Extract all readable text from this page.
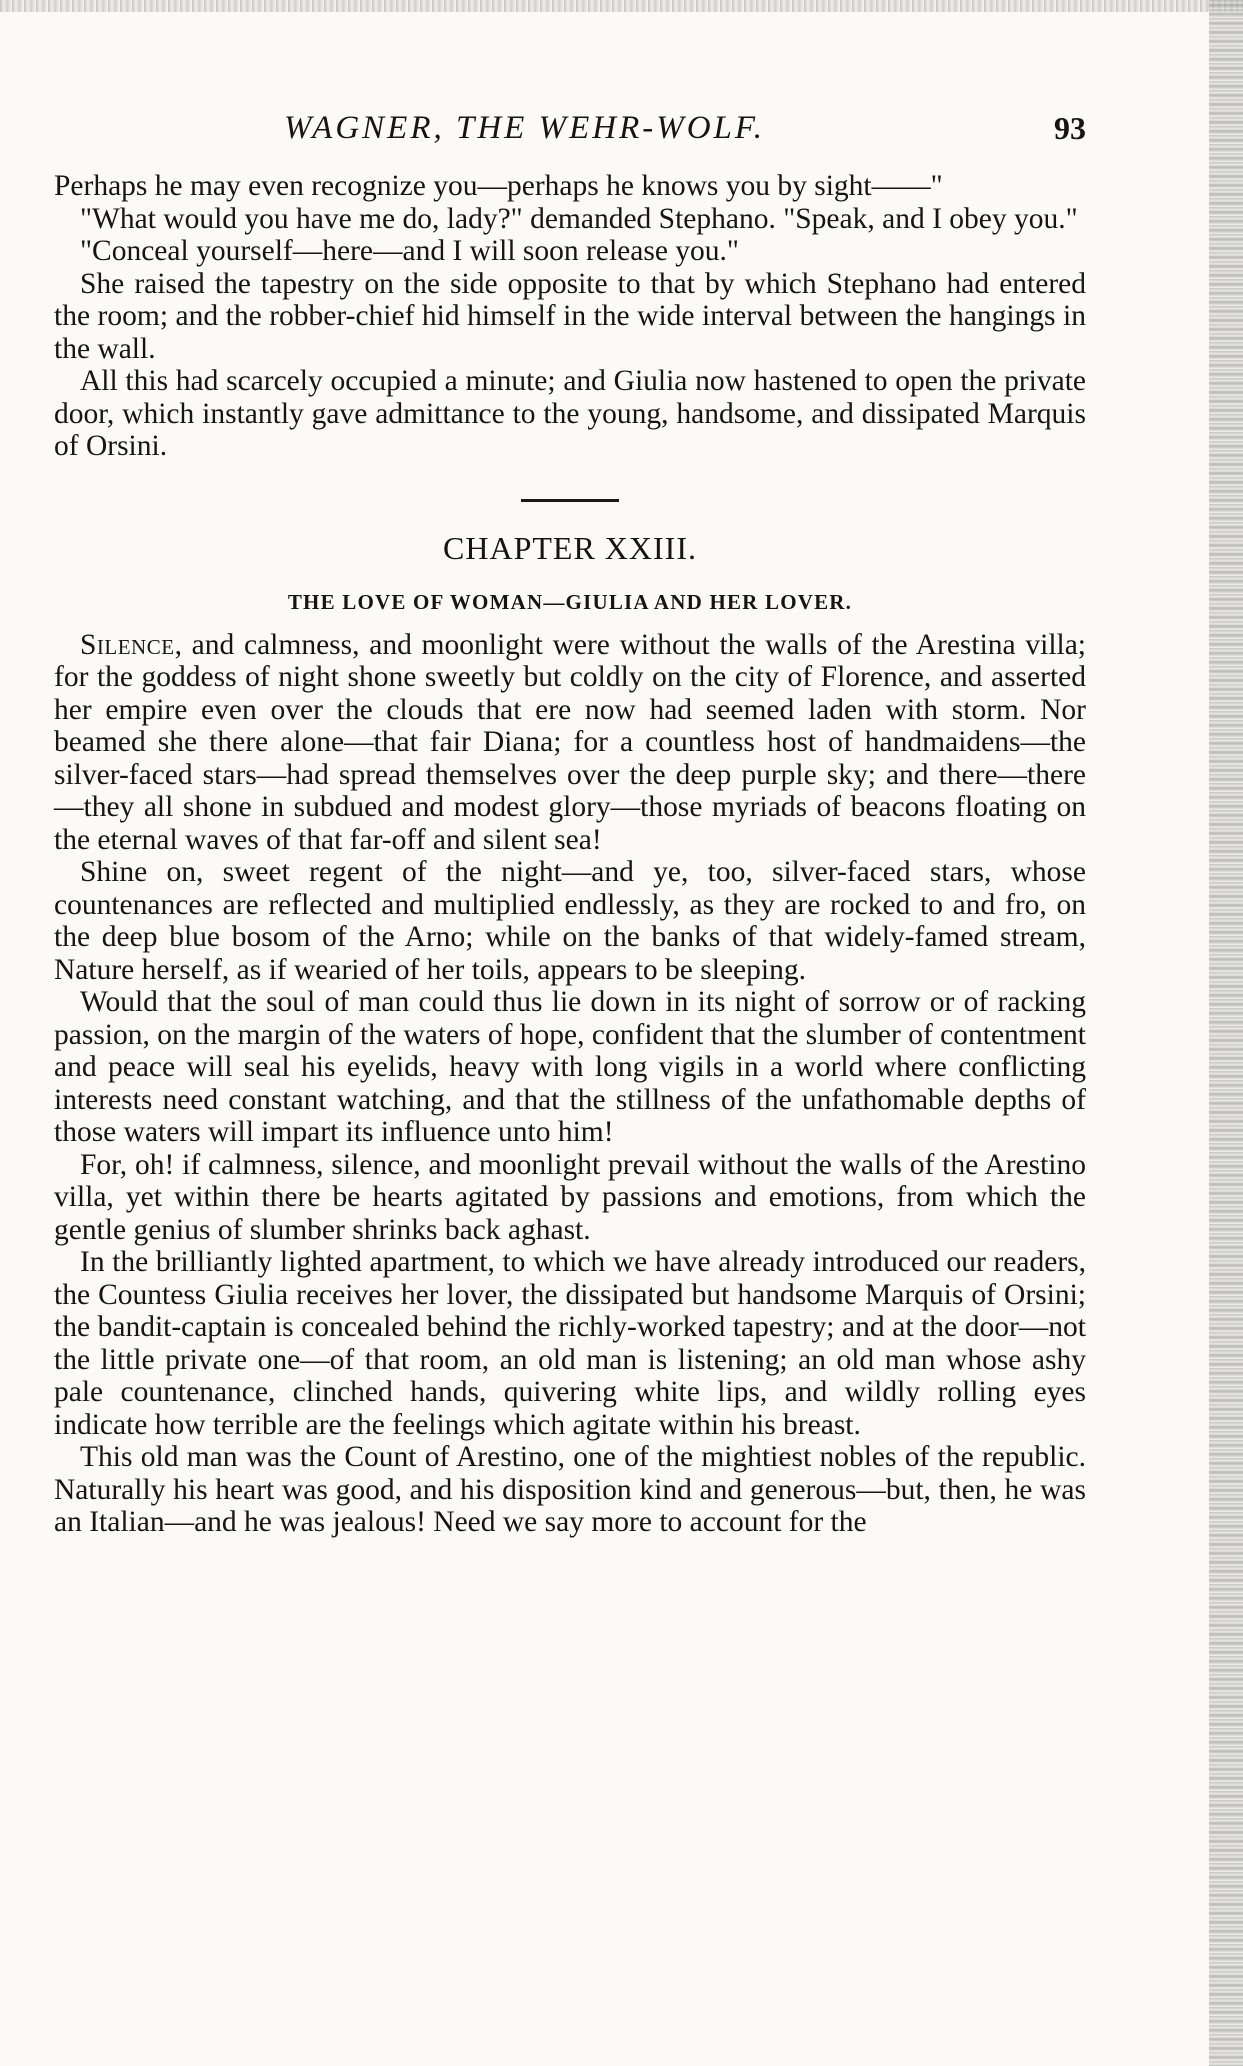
WAGNER, THE WEHR-WOLF.	93

Perhaps he may even recognize you—perhaps he knows you by sight——"

"What would you have me do, lady?" demanded Stephano. "Speak, and I obey you."

"Conceal yourself—here—and I will soon release you."

She raised the tapestry on the side opposite to that by which Stephano had entered the room; and the robber-chief hid himself in the wide interval between the hangings in the wall.

All this had scarcely occupied a minute; and Giulia now hastened to open the private door, which instantly gave admittance to the young, handsome, and dissipated Marquis of Orsini.

CHAPTER XXIII.
THE LOVE OF WOMAN—GIULIA AND HER LOVER.

Silence, and calmness, and moonlight were without the walls of the Arestina villa; for the goddess of night shone sweetly but coldly on the city of Florence, and asserted her empire even over the clouds that ere now had seemed laden with storm. Nor beamed she there alone—that fair Diana; for a countless host of handmaidens—the silver-faced stars—had spread themselves over the deep purple sky; and there—there—they all shone in subdued and modest glory—those myriads of beacons floating on the eternal waves of that far-off and silent sea!

Shine on, sweet regent of the night—and ye, too, silver-faced stars, whose countenances are reflected and multiplied endlessly, as they are rocked to and fro, on the deep blue bosom of the Arno; while on the banks of that widely-famed stream, Nature herself, as if wearied of her toils, appears to be sleeping.

Would that the soul of man could thus lie down in its night of sorrow or of racking passion, on the margin of the waters of hope, confident that the slumber of contentment and peace will seal his eyelids, heavy with long vigils in a world where conflicting interests need constant watching, and that the stillness of the unfathomable depths of those waters will impart its influence unto him!

For, oh! if calmness, silence, and moonlight prevail without the walls of the Arestino villa, yet within there be hearts agitated by passions and emotions, from which the gentle genius of slumber shrinks back aghast.

In the brilliantly lighted apartment, to which we have already introduced our readers, the Countess Giulia receives her lover, the dissipated but handsome Marquis of Orsini; the bandit-captain is concealed behind the richly-worked tapestry; and at the door—not the little private one—of that room, an old man is listening; an old man whose ashy pale countenance, clinched hands, quivering white lips, and wildly rolling eyes indicate how terrible are the feelings which agitate within his breast.

This old man was the Count of Arestino, one of the mightiest nobles of the republic. Naturally his heart was good, and his disposition kind and generous—but, then, he was an Italian—and he was jealous! Need we say more to account for the
